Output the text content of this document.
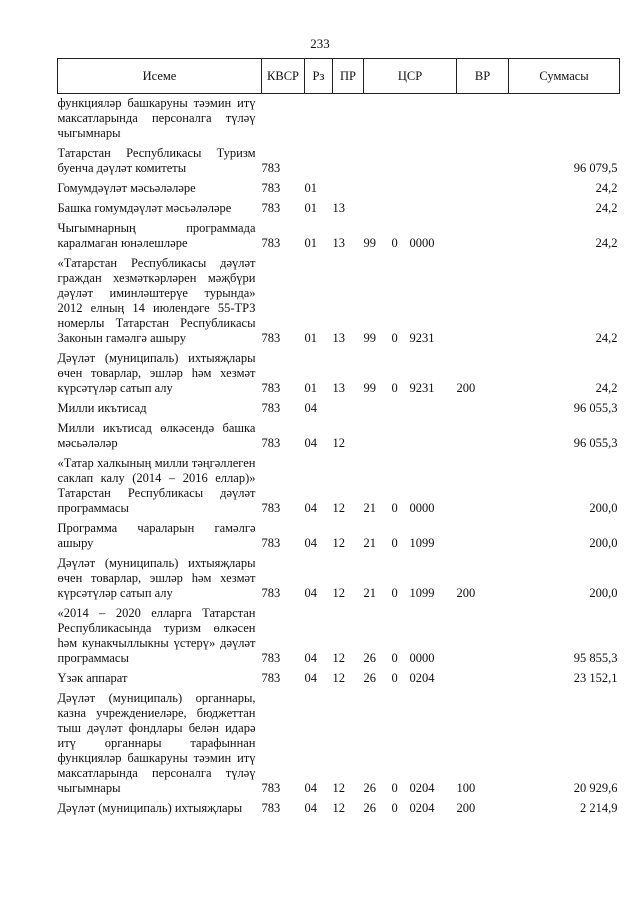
233
Исеме	КВСР	Рз	ПР	ЦСР			ВР	Суммасы
функцияләр башкаруны тәэмин итү максатларында персоналга түләү чыгымнары								
Татарстан Республикасы Туризм буенча дәүләт комитеты	783							96 079,5
Гомумдәүләт мәсьәләләре	783	01						24,2
Башка гомумдәүләт мәсьәләләре	783	01	13					24,2
Чыгымнарның программада каралмаган юнәлешләре	783	01	13	99	0	0000		24,2
«Татарстан Республикасы дәүләт граждан хезмәткәрләрен мәҗбүри дәүләт иминләштерүе турында» 2012 елның 14 июлендәге 55-ТРЗ номерлы Татарстан Республикасы Законын гамәлгә ашыру	783	01	13	99	0	9231		24,2
Дәүләт (муниципаль) ихтыяҗлары өчен товарлар, эшләр һәм хезмәт күрсәтүләр сатып алу	783	01	13	99	0	9231	200	24,2
Милли икътисад	783	04						96 055,3
Милли икътисад өлкәсендә башка мәсьәләләр	783	04	12					96 055,3
«Татар халкының милли тәңгәллеген саклап калу (2014 – 2016 еллар)» Татарстан Республикасы дәүләт программасы	783	04	12	21	0	0000		200,0
Программа чараларын гамәлгә ашыру	783	04	12	21	0	1099		200,0
Дәүләт (муниципаль) ихтыяҗлары өчен товарлар, эшләр һәм хезмәт күрсәтүләр сатып алу	783	04	12	21	0	1099	200	200,0
«2014 – 2020 елларга Татарстан Республикасында туризм өлкәсен һәм кунакчыллыкны үстерү» дәүләт программасы	783	04	12	26	0	0000		95 855,3
Үзәк аппарат	783	04	12	26	0	0204		23 152,1
Дәүләт (муниципаль) органнары, казна учреждениеләре, бюджеттан тыш дәүләт фондлары белән идарә итү органнары тарафыннан функцияләр башкаруны тәэмин итү максатларында персоналга түләү чыгымнары	783	04	12	26	0	0204	100	20 929,6
Дәүләт (муниципаль) ихтыяҗлары	783	04	12	26	0	0204	200	2 214,9
